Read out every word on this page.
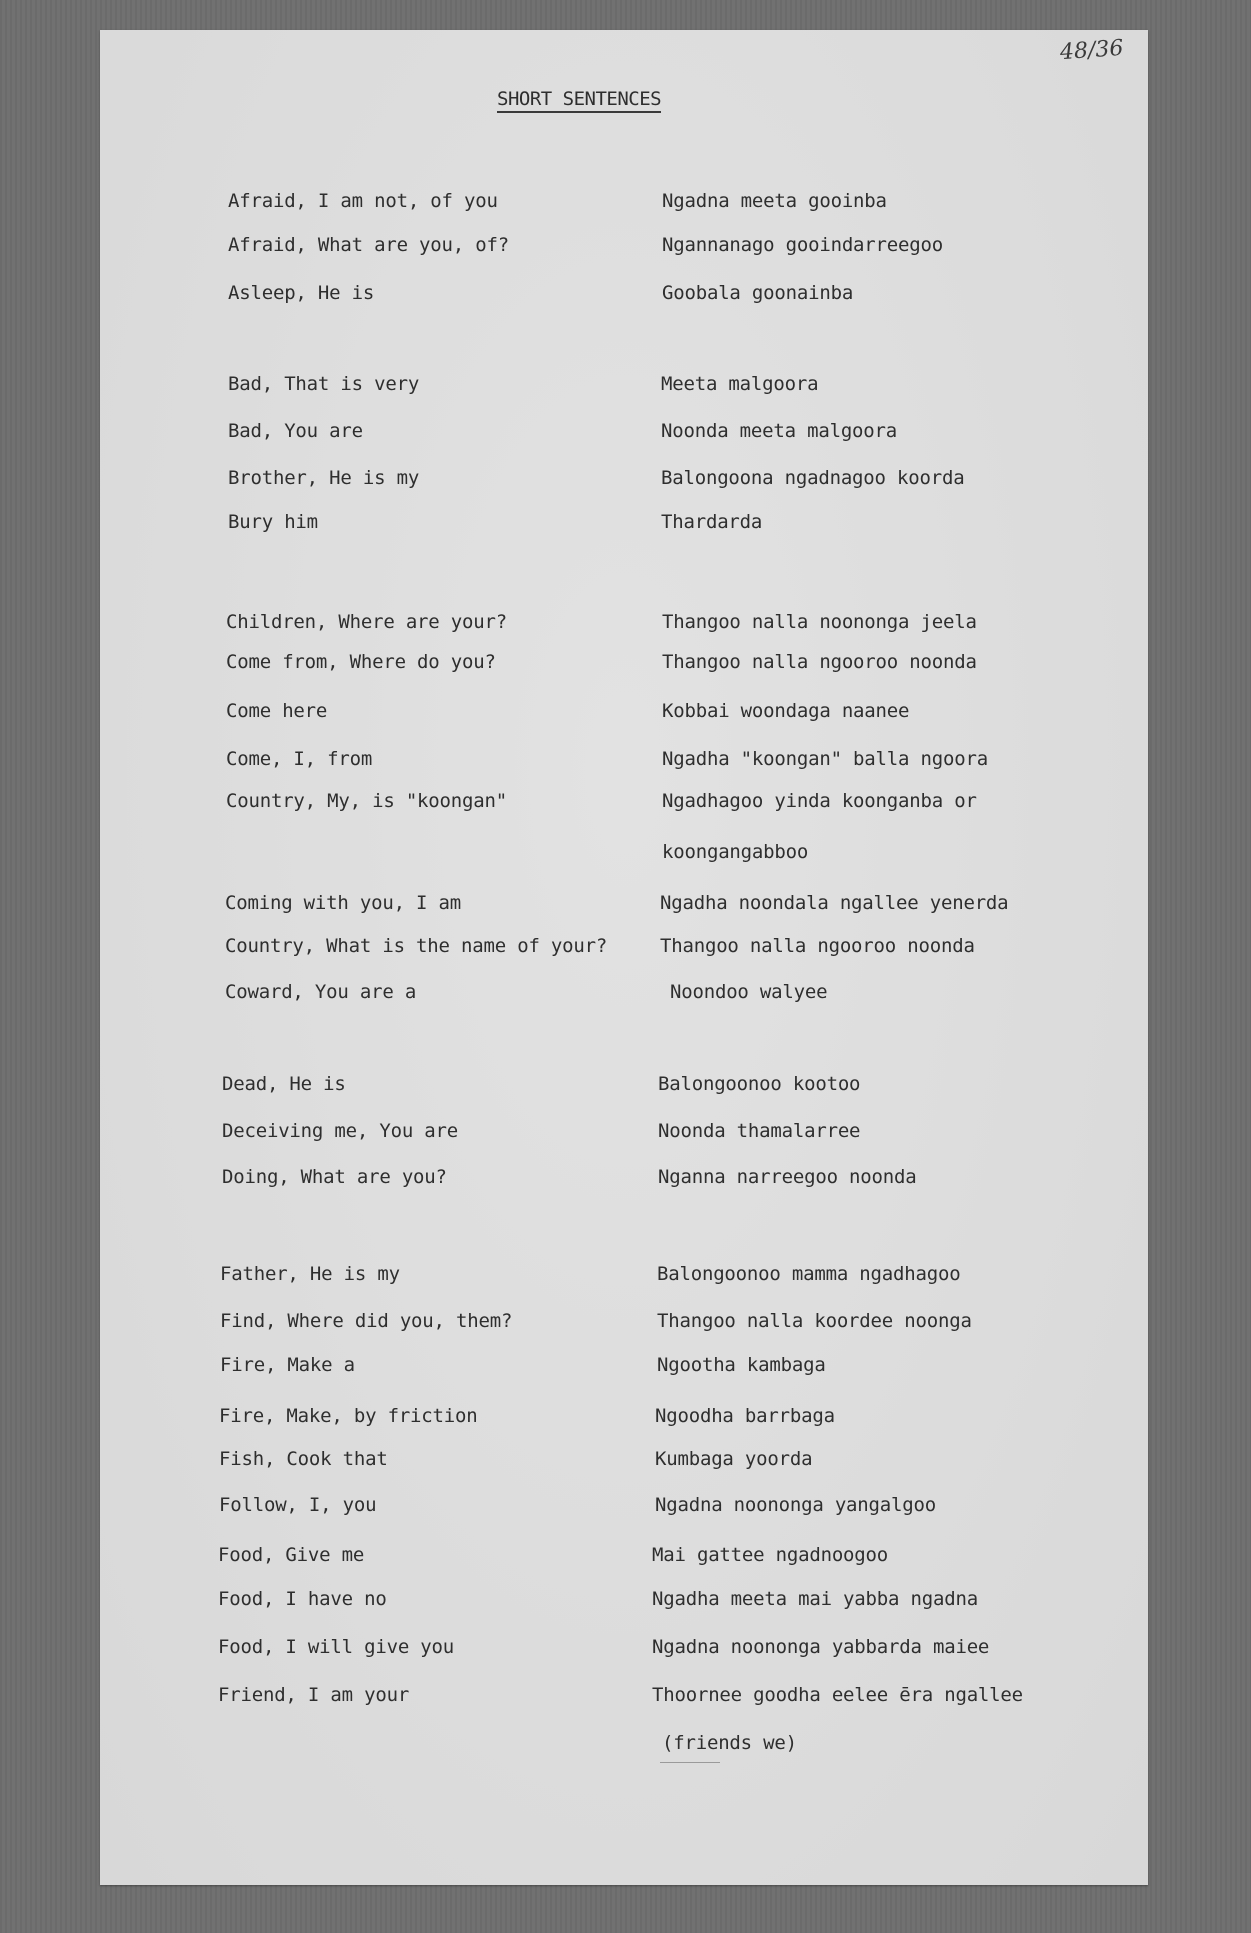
48/36
SHORT SENTENCES
Afraid, I am not, of you	Ngadna meeta gooinba
Afraid, What are you, of?	Ngannanago gooindarreegoo
Asleep, He is	Goobala goonainba
Bad, That is very	Meeta malgoora
Bad, You are	Noonda meeta malgoora
Brother, He is my	Balongoona ngadnagoo koorda
Bury him	Thardarda
Children, Where are your?	Thangoo nalla noononga jeela
Come from, Where do you?	Thangoo nalla ngooroo noonda
Come here	Kobbai woondaga naanee
Come, I, from	Ngadha "koongan" balla ngoora
Country, My, is "koongan"	Ngadhagoo yinda koonganba or
koongangabboo
Coming with you, I am	Ngadha noondala ngallee yenerda
Country, What is the name of your?	Thangoo nalla ngooroo noonda
Coward, You are a	Noondoo walyee
Dead, He is	Balongoonoo kootoo
Deceiving me, You are	Noonda thamalarree
Doing, What are you?	Nganna narreegoo noonda
Father, He is my	Balongoonoo mamma ngadhagoo
Find, Where did you, them?	Thangoo nalla koordee noonga
Fire, Make a	Ngootha kambaga
Fire, Make, by friction	Ngoodha barrbaga
Fish, Cook that	Kumbaga yoorda
Follow, I, you	Ngadna noononga yangalgoo
Food, Give me	Mai gattee ngadnoogoo
Food, I have no	Ngadha meeta mai yabba ngadna
Food, I will give you	Ngadna noononga yabbarda maiee
Friend, I am your	Thoornee goodha eelee ēra ngallee
(friends we)
